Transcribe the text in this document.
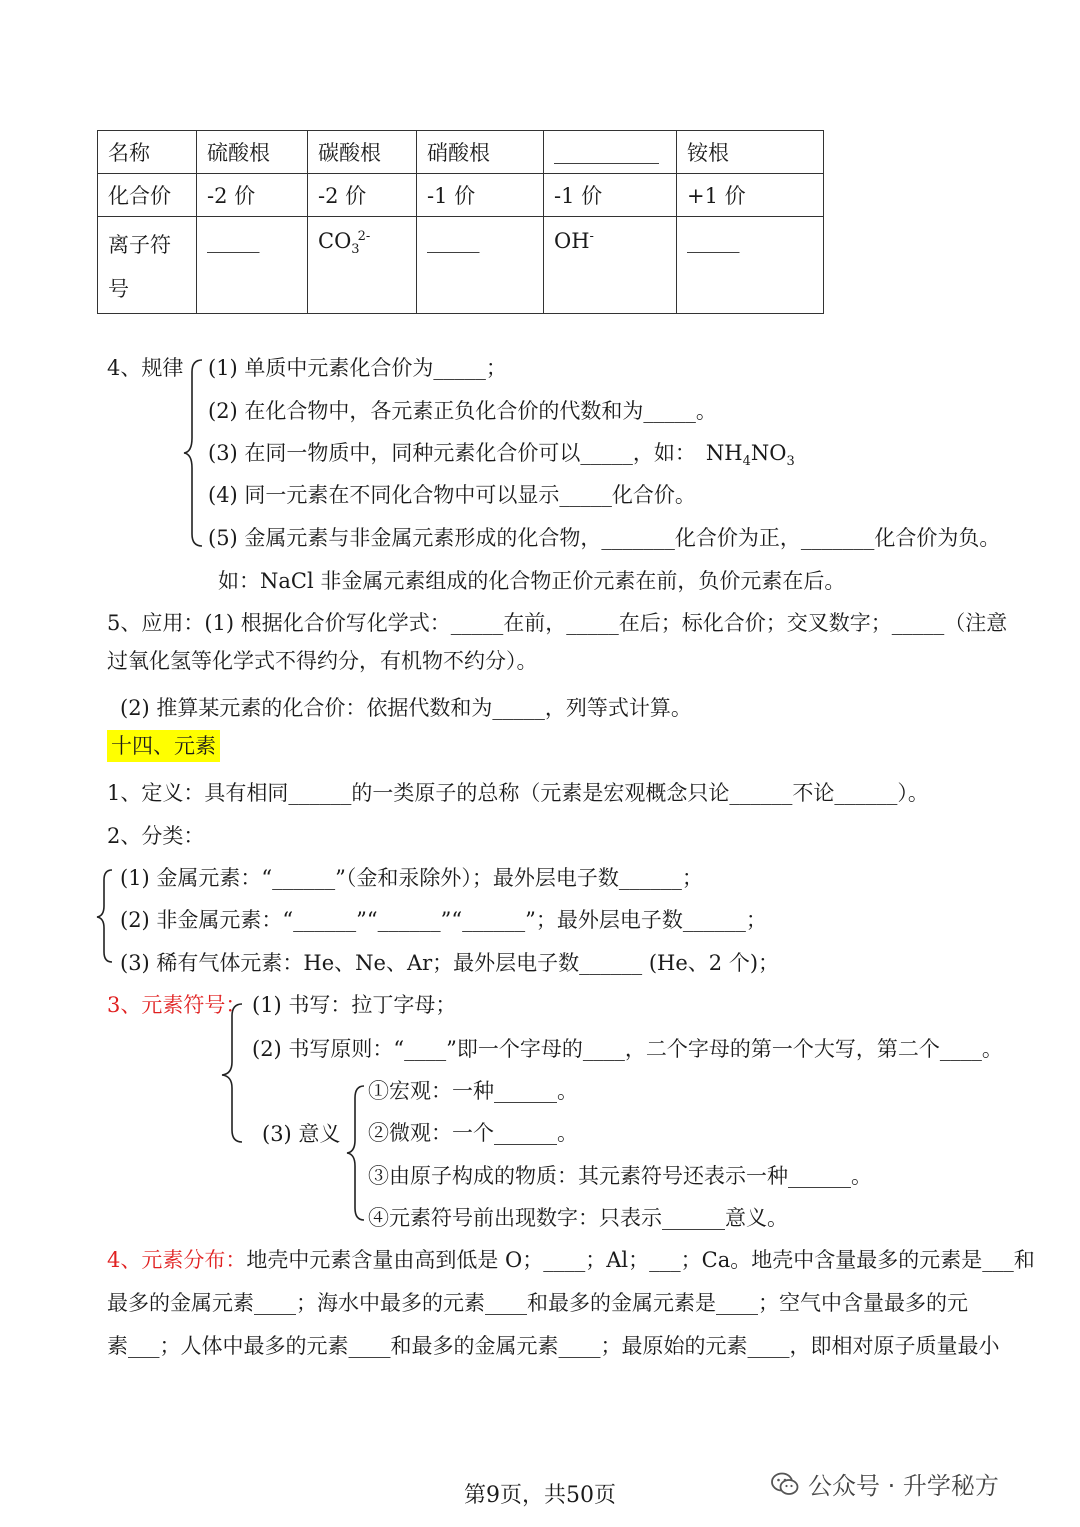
名称	硫酸根	碳酸根	硝酸根	__________	铵根
化合价	-2 价	-2 价	-1 价	-1 价	+1 价

离子符
号	_____	$CO_3^{2-}$	_____	OH-	_____
4、规律 (1) 单质中元素化合价为_____；
(2) 在化合物中，各元素正负化合价的代数和为_____。
(3) 在同一物质中，同种元素化合价可以_____，如： $NH_4NO_3$
(4) 同一元素在不同化合物中可以显示_____化合价。
(5) 金属元素与非金属元素形成的化合物，_______化合价为正，_______化合价为负。
如：NaCl 非金属元素组成的化合物正价元素在前，负价元素在后。
5、应用：(1) 根据化合价写化学式：_____在前，_____在后；标化合价；交叉数字；_____（注意
过氧化氢等化学式不得约分，有机物不约分）。
(2) 推算某元素的化合价：依据代数和为_____，列等式计算。
十四、元素
1、定义：具有相同______的一类原子的总称（元素是宏观概念只论______不论______）。
2、分类：
(1) 金属元素：“______”（金和汞除外）；最外层电子数______；
(2) 非金属元素：“______”“______”“______”；最外层电子数______；
(3) 稀有气体元素：He、Ne、Ar；最外层电子数______ (He、2 个)；
3、元素符号： (1) 书写：拉丁字母；
(2) 书写原则：“____”即一个字母的____，二个字母的第一个大写，第二个____。
(3) 意义
①宏观：一种______。
②微观：一个______。
③由原子构成的物质：其元素符号还表示一种______。
④元素符号前出现数字：只表示______意义。
4、元素分布：地壳中元素含量由高到低是 O；____；Al；___；Ca。地壳中含量最多的元素是___和
最多的金属元素____；海水中最多的元素____和最多的金属元素是____；空气中含量最多的元
素___；人体中最多的元素____和最多的金属元素____；最原始的元素____，即相对原子质量最小
第9页，共50页	公众号 · 升学秘方
